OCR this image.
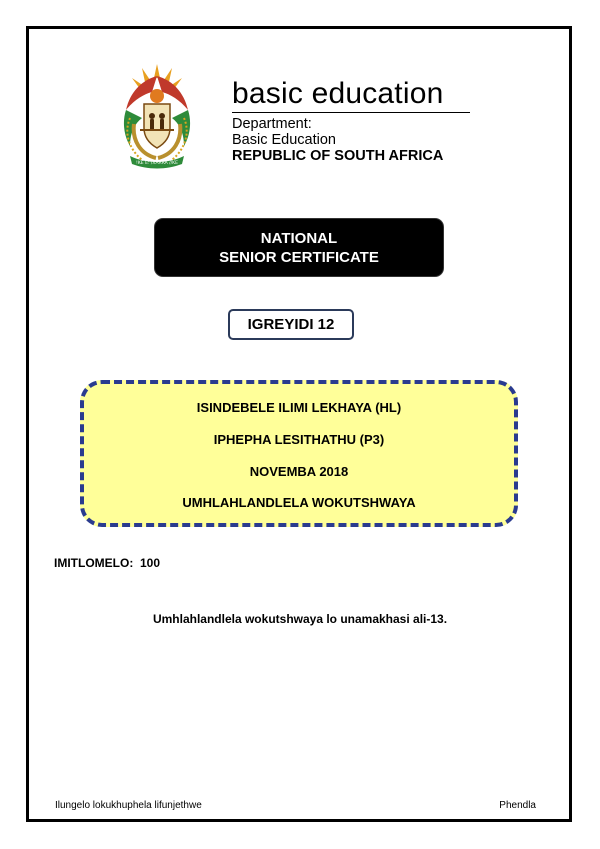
!KE E: /XARRA //KE
basic education
Department:
Basic Education
REPUBLIC OF SOUTH AFRICA
NATIONAL
SENIOR CERTIFICATE
IGREYIDI 12
ISINDEBELE ILIMI LEKHAYA (HL)
IPHEPHA LESITHATHU (P3)
NOVEMBA 2018
UMHLAHLANDLELA WOKUTSHWAYA
IMITLOMELO:  100
Umhlahlandlela wokutshwaya lo unamakhasi ali-13.
Ilungelo lokukhuphela lifunjethwe	Phendla
